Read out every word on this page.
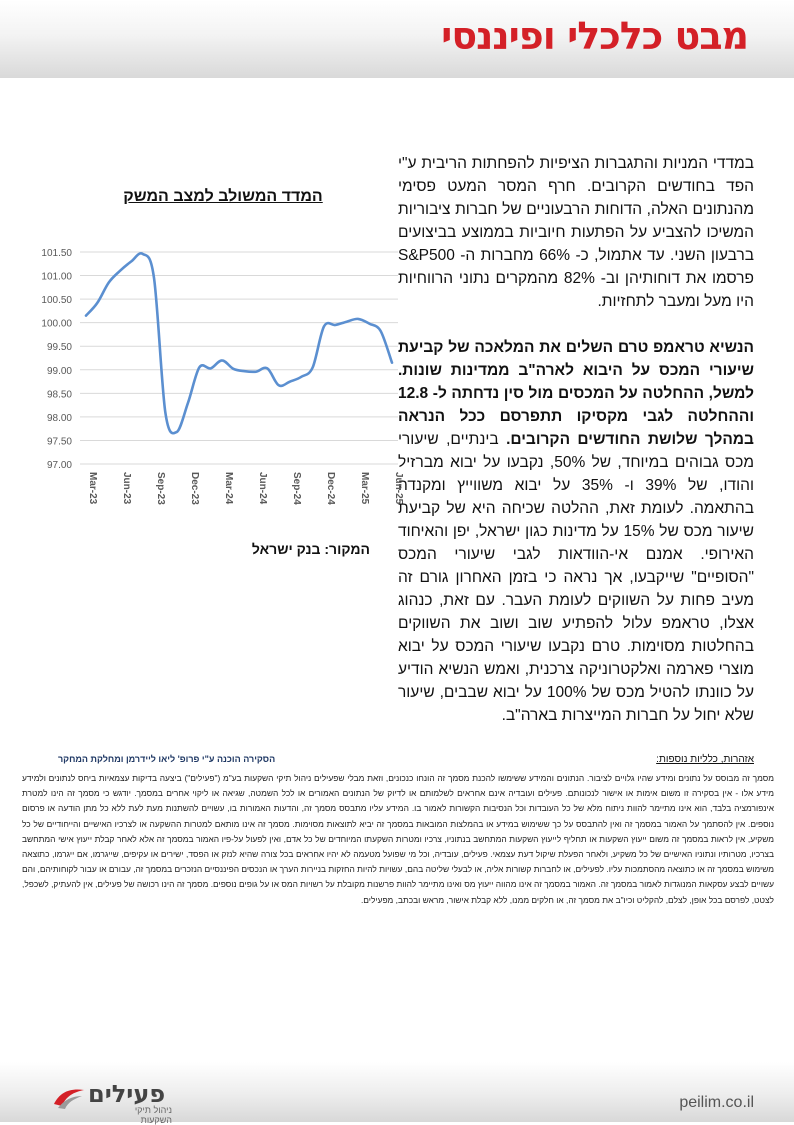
מבט כלכלי ופיננסי

במדדי המניות והתגברות הציפיות להפחתות הריבית ע"י הפד בחודשים הקרובים. חרף המסר המעט פסימי מהנתונים האלה, הדוחות הרבעוניים של חברות ציבוריות המשיכו להצביע על הפתעות חיוביות בממוצע בביצועים ברבעון השני. עד אתמול, כ- 66% מחברות ה- S&P500 פרסמו את דוחותיהן וב- 82% מהמקרים נתוני הרווחיות היו מעל ומעבר לתחזיות.

הנשיא טראמפ טרם השלים את המלאכה של קביעת שיעורי המכס על היבוא לארה"ב ממדינות שונות. למשל, ההחלטה על המכסים מול סין נדחתה ל- 12.8 וההחלטה לגבי מקסיקו תתפרסם ככל הנראה במהלך שלושת החודשים הקרובים. בינתיים, שיעורי מכס גבוהים במיוחד, של 50%, נקבעו על יבוא מברזיל והודו, של 39% ו- 35% על יבוא משווייץ ומקנדה בהתאמה. לעומת זאת, ההלטה שכיחה היא של קביעת שיעור מכס של 15% על מדינות כגון ישראל, יפן והאיחוד האירופי. אמנם אי-הוודאות לגבי שיעורי המכס "הסופיים" שייקבעו, אך נראה כי בזמן האחרון גורם זה מעיב פחות על השווקים לעומת העבר. עם זאת, כנהוג אצלו, טראמפ עלול להפתיע שוב ושוב את השווקים בהחלטות מסוימות. טרם נקבעו שיעורי המכס על יבוא מוצרי פארמה ואלקטרוניקה צרכנית, ואמש הנשיא הודיע על כוונתו להטיל מכס של 100% על יבוא שבבים, שיעור שלא יחול על חברות המייצרות בארה"ב.

המדד המשולב למצב המשק
97.00
97.50
98.00
98.50
99.00
99.50
100.00
100.50
101.00
101.50
Mar-23 Jun-23 Sep-23 Dec-23 Mar-24 Jun-24 Sep-24 Dec-24 Mar-25 Jun-25
המקור: בנק ישראל
אזהרות, כלליות נוספות:
הסקירה הוכנה ע"י פרופ' ליאו ליידרמן ומחלקת המחקר
מסמך זה מבוסס על נתונים ומידע שהיו גלויים לציבור. הנתונים והמידע ששימשו להכנת מסמך זה הונחו כנכונים, וזאת מבלי שפעילים ניהול תיקי השקעות בע"מ ("פעילים") ביצעה בדיקות עצמאיות ביחס לנתונים ולמידע מידע אלו - אין בסקירה זו משום אימות או אישור לנכונותם. פעילים ועובדיה אינם אחראים לשלמותם או לדיוק של הנתונים האמורים או לכל השמטה, שגיאה או ליקוי אחרים במסמך. יודגש כי מסמך זה הינו למטרת אינפורמציה בלבד, הוא אינו מתיימר להוות ניתוח מלא של כל העובדות וכל הנסיבות הקשורות לאמור בו. המידע עליו מתבסס מסמך זה, והדעות האמורות בו, עשויים להשתנות מעת לעת ללא כל מתן הודעה או פרסום נוספים. אין להסתמך על האמור במסמך זה ואין להתבסס על כך ששימוש במידע או בהמלצות המובאות במסמך זה יביא לתוצאות מסוימות. מסמך זה אינו מותאם למטרות ההשקעה או לצרכיו האישיים והייחודיים של כל משקיע, אין לראות במסמך זה משום ייעוץ השקעות או תחליף לייעוץ השקעות המתחשב בנתוניו, צרכיו ומטרות השקעתו המיוחדים של כל אדם, ואין לפעול על-פיו האמור במסמך זה אלא לאחר קבלת ייעוץ אישי המתחשב בצרכיו, מטרותיו ונתוניו האישיים של כל משקיע, ולאחר הפעלת שיקול דעת עצמאי. פעילים, עובדיה, וכל מי שפועל מטעמה לא יהיו אחראים בכל צורה שהיא לנזק או הפסד, ישירים או עקיפים, שייגרמו, אם ייגרמו, כתוצאה משימוש במסמך זה או כתוצאה מהסתמכות עליו. לפעילים, או לחברות קשורות אליה, או לבעלי שליטה בהם, עשויות להיות החזקות בניירות הערך או הנכסים הפיננסיים הנזכרים במסמך זה, עבורם או עבור לקוחותיהם, והם עשויים לבצע עסקאות המנוגדות לאמור במסמך זה. האמור במסמך זה אינו מהווה ייעוץ מס ואינו מתיימר להוות פרשנות מקובלת על רשויות המס או על גופים נוספים. מסמך זה הינו רכושה של פעילים, אין להעתיק, לשכפל, לצטט, לפרסם בכל אופן, לצלם, להקליט וכיו"ב את מסמך זה, או חלקים ממנו, ללא קבלת אישור, מראש ובכתב, מפעילים.
פעילים
ניהול תיקי השקעות
peilim.co.il
